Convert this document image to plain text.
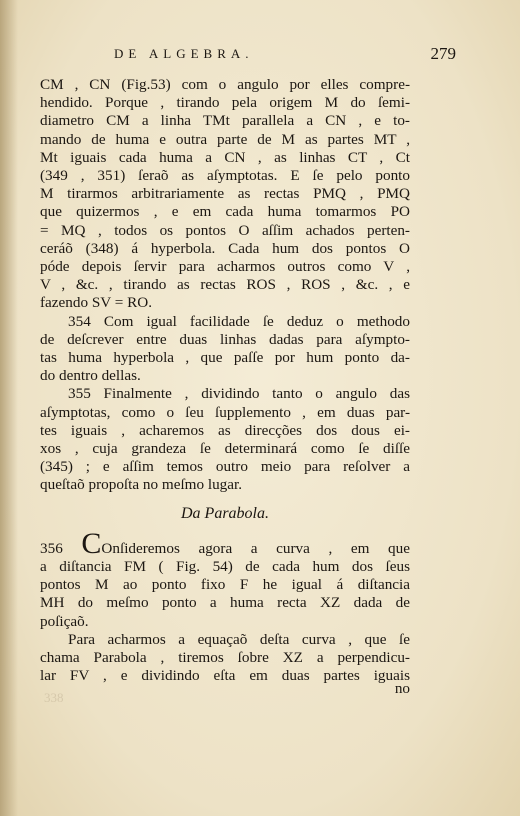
DE ALGEBRA.	279
CM , CN (Fig.53) com o angulo por elles compre-
hendido. Porque , tirando pela origem M do ſemi-
diametro CM a linha TMt parallela a CN , e to-
mando de huma e outra parte de M as partes MT ,
Mt iguais cada huma a CN , as linhas CT , Ct
(349 , 351) ſeraõ as aſymptotas. E ſe pelo ponto
M tirarmos arbitrariamente as rectas PMQ , PMQ
que quizermos , e em cada huma tomarmos PO
= MQ , todos os pontos O aſſim achados perten-
ceráõ (348) á hyperbola. Cada hum dos pontos O
póde depois ſervir para acharmos outros como V ,
V , &c. , tirando as rectas ROS , ROS , &c. , e
fazendo SV = RO.
354 Com igual facilidade ſe deduz o methodo
de deſcrever entre duas linhas dadas para aſympto-
tas huma hyperbola , que paſſe por hum ponto da-
do dentro dellas.
355 Finalmente , dividindo tanto o angulo das
aſymptotas, como o ſeu ſupplemento , em duas par-
tes iguais , acharemos as direcções dos dous ei-
xos , cuja grandeza ſe determinará como ſe diſſe
(345) ; e aſſim temos outro meio para reſolver a
queſtaõ propoſta no meſmo lugar.
Da Parabola.
356 COnſideremos agora a curva , em que
a diſtancia FM ( Fig. 54) de cada hum dos ſeus
pontos M ao ponto fixo F he igual á diſtancia
MH do meſmo ponto a huma recta XZ dada de
poſiçaõ.
Para acharmos a equaçaõ deſta curva , que ſe
chama Parabola , tiremos ſobre XZ a perpendicu-
lar FV , e dividindo eſta em duas partes iguais
no
338
